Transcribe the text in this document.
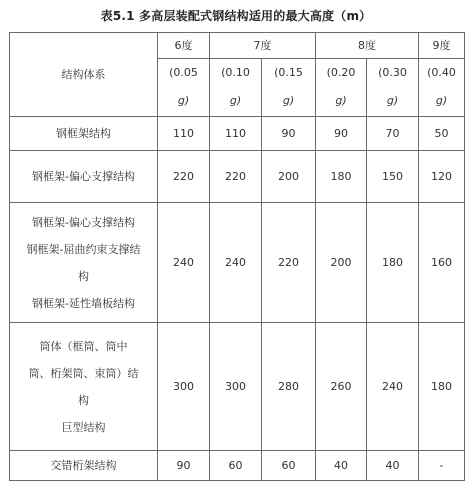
表5.1 多高层装配式钢结构适用的最大高度（m）
结构体系	6度	7度		8度		9度
	(0.05	(0.10	(0.15	(0.20	(0.30	(0.40
	g)	g)	g)	g)	g)	g)

钢框架结构	110	110	90	90	70	50

钢框架-偏心支撑结构	220	220	200	180	150	120

钢框架-偏心支撑结构
钢框架-屈曲约束支撑结
构
钢框架-延性墙板结构	240	240	220	200	180	160

筒体（框筒、筒中
筒、桁架筒、束筒）结
构
巨型结构	300	300	280	260	240	180

交错桁架结构	90	60	60	40	40	-
